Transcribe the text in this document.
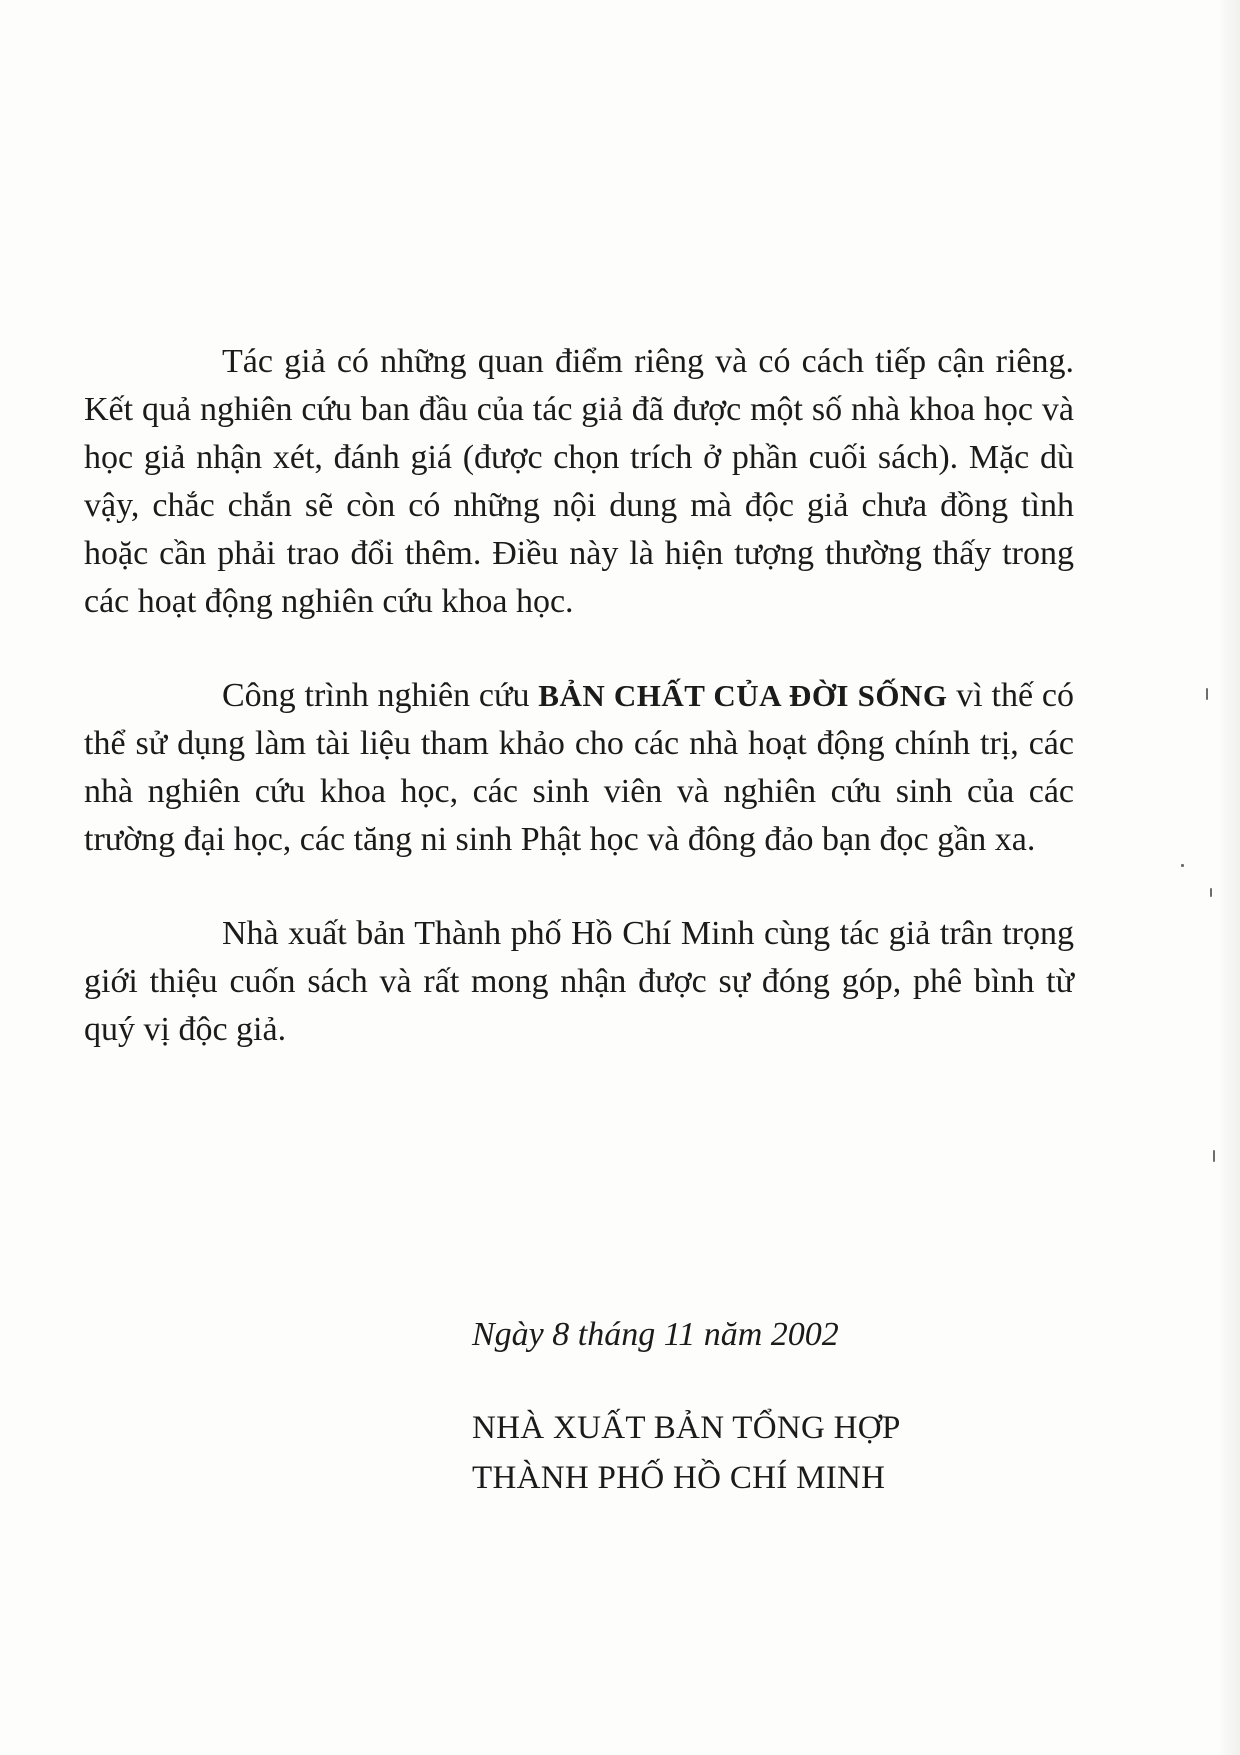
Tác giả có những quan điểm riêng và có cách tiếp cận riêng. Kết quả nghiên cứu ban đầu của tác giả đã được một số nhà khoa học và học giả nhận xét, đánh giá (được chọn trích ở phần cuối sách). Mặc dù vậy, chắc chắn sẽ còn có những nội dung mà độc giả chưa đồng tình hoặc cần phải trao đổi thêm. Điều này là hiện tượng thường thấy trong các hoạt động nghiên cứu khoa học.

Công trình nghiên cứu BẢN CHẤT CỦA ĐỜI SỐNG vì thế có thể sử dụng làm tài liệu tham khảo cho các nhà hoạt động chính trị, các nhà nghiên cứu khoa học, các sinh viên và nghiên cứu sinh của các trường đại học, các tăng ni sinh Phật học và đông đảo bạn đọc gần xa.

Nhà xuất bản Thành phố Hồ Chí Minh cùng tác giả trân trọng giới thiệu cuốn sách và rất mong nhận được sự đóng góp, phê bình từ quý vị độc giả.

Ngày 8 tháng 11 năm 2002

NHÀ XUẤT BẢN TỔNG HỢP

THÀNH PHỐ HỒ CHÍ MINH
